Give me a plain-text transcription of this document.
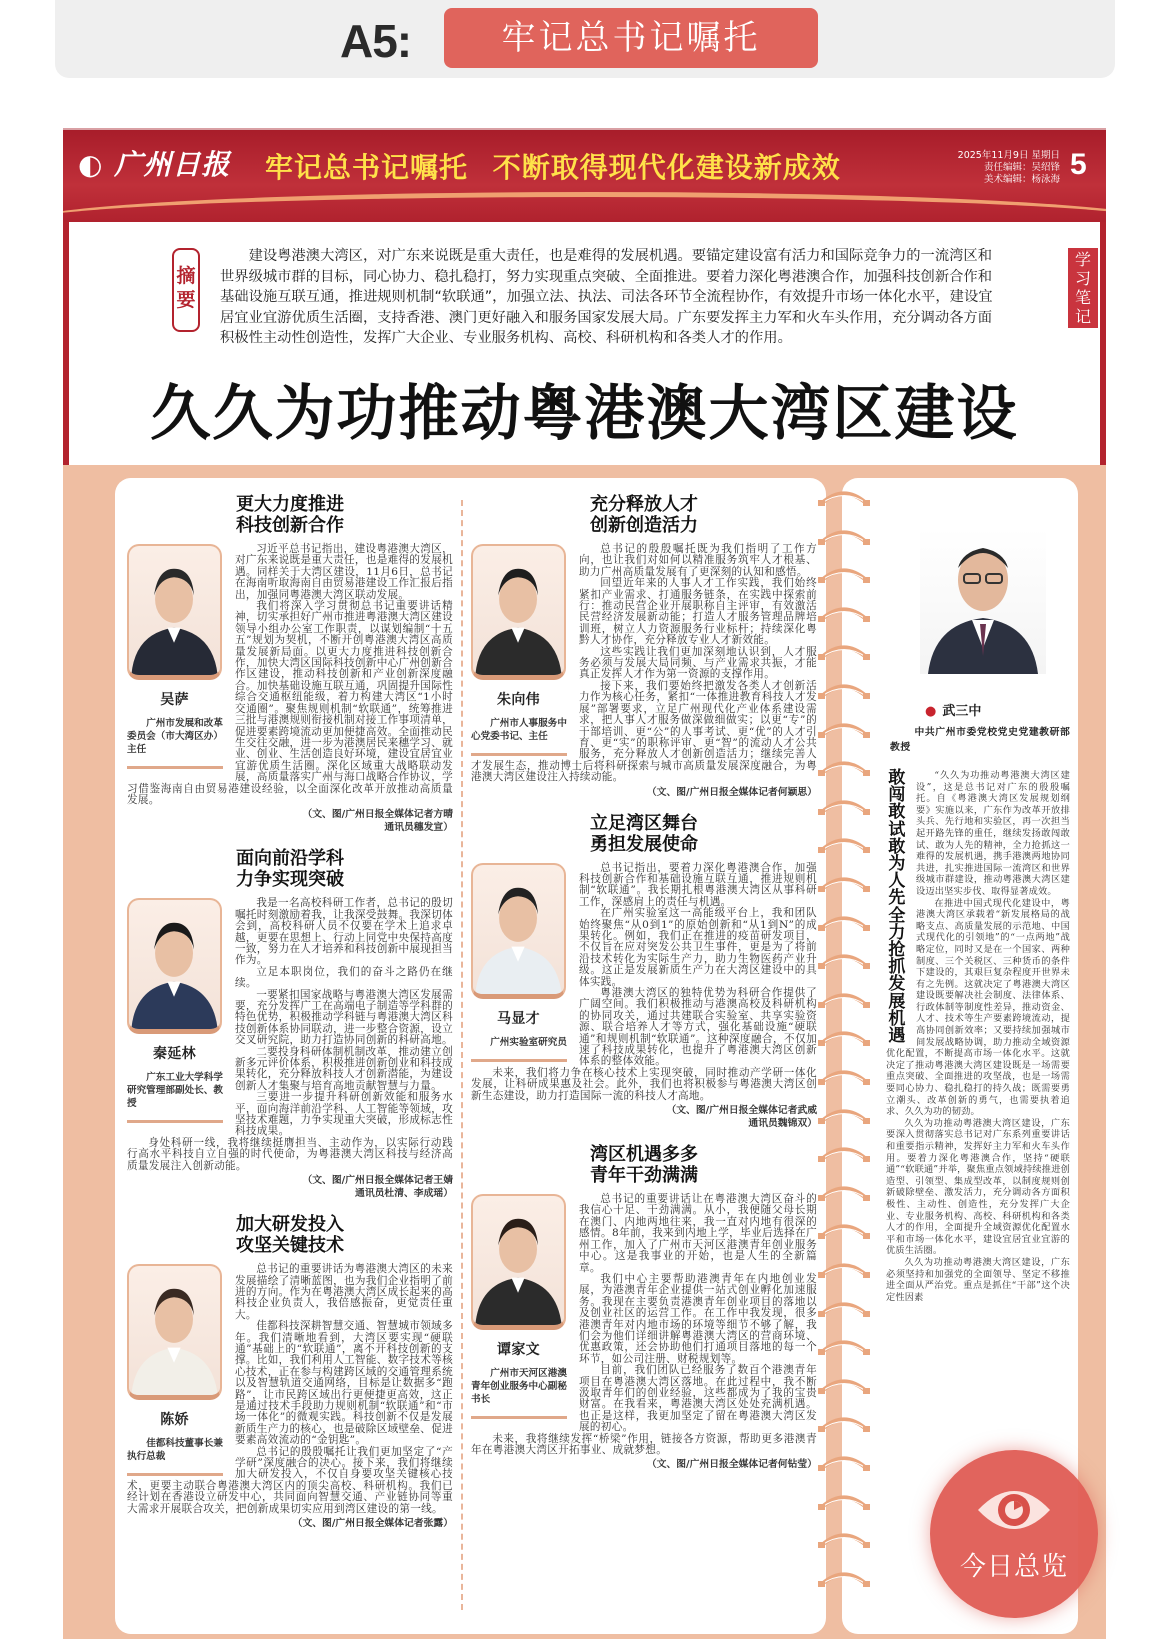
A5:	牢记总书记嘱托
◐ 广州日报 牢记总书记嘱托 不断取得现代化建设新成效	2025年11月9日 星期日
责任编辑：吴绍锋
美术编辑：杨泳海 5
摘要
建设粤港澳大湾区，对广东来说既是重大责任，也是难得的发展机遇。要锚定建设富有活力和国际竞争力的一流湾区和世界级城市群的目标，同心协力、稳扎稳打，努力实现重点突破、全面推进。要着力深化粤港澳合作，加强科技创新合作和基础设施互联互通，推进规则机制“软联通”，加强立法、执法、司法各环节全流程协作，有效提升市场一体化水平，建设宜居宜业宜游优质生活圈，支持香港、澳门更好融入和服务国家发展大局。广东要发挥主力军和火车头作用，充分调动各方面积极性主动性创造性，发挥广大企业、专业服务机构、高校、科研机构和各类人才的作用。
学习笔记
久久为功推动粤港澳大湾区建设
更大力度推进
科技创新合作
吴萨
广州市发展和改革委员会（市大湾区办）主任

习近平总书记指出，建设粤港澳大湾区，对广东来说既是重大责任，也是难得的发展机遇。同样关于大湾区建设，11月6日，总书记在海南听取海南自由贸易港建设工作汇报后指出，加强同粤港澳大湾区联动发展。

我们将深入学习贯彻总书记重要讲话精神，切实承担好广州市推进粤港澳大湾区建设领导小组办公室工作职责，以谋划编制“十五五”规划为契机，不断开创粤港澳大湾区高质量发展新局面。以更大力度推进科技创新合作，加快大湾区国际科技创新中心广州创新合作区建设，推动科技创新和产业创新深度融合。加快基础设施互联互通，巩固提升国际性综合交通枢纽能级，着力构建大湾区“1小时交通圈”。聚焦规则机制“软联通”，统筹推进三批与港澳规则衔接机制对接工作事项清单，促进要素跨境流动更加便捷高效。全面推动民生交往交融，进一步为港澳居民来穗学习、就业、创业、生活创造良好环境，建设宜居宜业宜游优质生活圈。深化区域重大战略联动发展，高质量落实广州与海口战略合作协议，学习借鉴海南自由贸易港建设经验，以全面深化改革开放推动高质量发展。

（文、图/广州日报全媒体记者方晴
通讯员穗发宣）
面向前沿学科
力争实现突破
秦延林
广东工业大学科学研究管理部副处长、教授

我是一名高校科研工作者，总书记的殷切嘱托时刻激励着我，让我深受鼓舞。我深切体会到，高校科研人员不仅要在学术上追求卓越，更要在思想上、行动上同党中央保持高度一致，努力在人才培养和科技创新中展现担当作为。

立足本职岗位，我们的奋斗之路仍在继续。

一要紧扣国家战略与粤港澳大湾区发展需要，充分发挥广工在高端电子制造等学科群的特色优势，积极推动学科链与粤港澳大湾区科技创新体系协同联动，进一步整合资源，设立交叉研究院，助力打造协同创新的科研高地。

二要投身科研体制机制改革，推动建立创新多元评价体系，积极推进创新创业和科技成果转化，充分释放科技人才创新潜能，为建设创新人才集聚与培育高地贡献智慧与力量。

三要进一步提升科研创新效能和服务水平，面向海洋前沿学科、人工智能等领域，攻坚技术难题，力争实现重大突破，形成标志性科技成果。

身处科研一线，我将继续挺膺担当、主动作为，以实际行动践行高水平科技自立自强的时代使命，为粤港澳大湾区科技与经济高质量发展注入创新动能。

（文、图/广州日报全媒体记者王婧
通讯员杜清、李成瑶）
加大研发投入
攻坚关键技术
陈娇
佳都科技董事长兼执行总裁

总书记的重要讲话为粤港澳大湾区的未来发展描绘了清晰蓝图，也为我们企业指明了前进的方向。作为在粤港澳大湾区成长起来的高科技企业负责人，我倍感振奋，更觉责任重大。

佳都科技深耕智慧交通、智慧城市领域多年。我们清晰地看到，大湾区要实现“硬联通”基础上的“软联通”，离不开科技创新的支撑。比如，我们利用人工智能、数字技术等核心技术，正在参与构建跨区域的交通管理系统以及智慧轨道交通网络，目标是让数据多“跑路”，让市民跨区域出行更便捷更高效，这正是通过技术手段助力规则机制“软联通”和“市场一体化”的微观实践。科技创新不仅是发展新质生产力的核心，也是破除区域壁垒、促进要素高效流动的“金钥匙”。

总书记的殷殷嘱托让我们更加坚定了“产学研”深度融合的决心。接下来，我们将继续加大研发投入，不仅自身要攻坚关键核心技术，更要主动联合粤港澳大湾区内的顶尖高校、科研机构。我们已经计划在香港设立研发中心，共同面向智慧交通、产业链协同等重大需求开展联合攻关，把创新成果切实应用到湾区建设的第一线。

（文、图/广州日报全媒体记者张露）
充分释放人才
创新创造活力
朱向伟
广州市人事服务中心党委书记、主任

总书记的殷殷嘱托既为我们指明了工作方向，也让我们对如何以精准服务筑牢人才根基、助力广州高质量发展有了更深刻的认知和感悟。

回望近年来的人事人才工作实践，我们始终紧扣产业需求、打通服务链条，在实践中探索前行：推动民营企业开展职称自主评审，有效激活民营经济发展新动能；打造人才服务管理品牌培训班，树立人力资源服务行业标杆；持续深化粤黔人才协作，充分释放专业人才新效能。

这些实践让我们更加深刻地认识到，人才服务必须与发展大局同频、与产业需求共振，才能真正发挥人才作为第一资源的支撑作用。

接下来，我们要始终把激发各类人才创新活力作为核心任务，紧扣“一体推进教育科技人才发展”部署要求，立足广州现代化产业体系建设需求，把人事人才服务做深做细做实；以更“专”的干部培训、更“公”的人事考试、更“优”的人才引育、更“实”的职称评审、更“智”的流动人才公共服务，充分释放人才创新创造活力；继续完善人才发展生态，推动博士后将科研探索与城市高质量发展深度融合，为粤港澳大湾区建设注入持续动能。

（文、图/广州日报全媒体记者何颖思）
立足湾区舞台
勇担发展使命
马显才
广州实验室研究员

总书记指出，要着力深化粤港澳合作，加强科技创新合作和基础设施互联互通，推进规则机制“软联通”。我长期扎根粤港澳大湾区从事科研工作，深感肩上的责任与机遇。

在广州实验室这一高能级平台上，我和团队始终聚焦“从0到1”的原始创新和“从1到N”的成果转化。例如，我们正在推进的疫苗研发项目，不仅旨在应对突发公共卫生事件，更是为了将前沿技术转化为实际生产力，助力生物医药产业升级。这正是发展新质生产力在大湾区建设中的具体实践。

粤港澳大湾区的独特优势为科研合作提供了广阔空间。我们积极推动与港澳高校及科研机构的协同攻关，通过共建联合实验室、共享实验资源、联合培养人才等方式，强化基础设施“硬联通”和规则机制“软联通”。这种深度融合，不仅加速了科技成果转化，也提升了粤港澳大湾区创新体系的整体效能。

未来，我们将力争在核心技术上实现突破，同时推动产学研一体化发展，让科研成果惠及社会。此外，我们也将积极参与粤港澳大湾区创新生态建设，助力打造国际一流的科技人才高地。

（文、图/广州日报全媒体记者武威
通讯员魏锦双）
湾区机遇多多
青年干劲满满
谭家文
广州市天河区港澳青年创业服务中心副秘书长

总书记的重要讲话让在粤港澳大湾区奋斗的我信心十足、干劲满满。从小，我便随父母长期在澳门、内地两地往来，我一直对内地有很深的感情。8年前，我来到内地上学，毕业后选择在广州工作，加入了广州市天河区港澳青年创业服务中心。这是我事业的开始，也是人生的全新篇章。

我们中心主要帮助港澳青年在内地创业发展，为港澳青年企业提供一站式创业孵化加速服务。我现在主要负责港澳青年创业项目的落地以及创业社区的运营工作。在工作中我发现，很多港澳青年对内地市场的环境等细节不够了解，我们会为他们详细讲解粤港澳大湾区的营商环境、优惠政策，还会协助他们打通项目落地的每一个环节，如公司注册、财税规划等。

目前，我们团队已经服务了数百个港澳青年项目在粤港澳大湾区落地。在此过程中，我不断汲取青年们的创业经验，这些都成为了我的宝贵财富。在我看来，粤港澳大湾区处处充满机遇。也正是这样，我更加坚定了留在粤港澳大湾区发展的初心。

未来，我将继续发挥“桥梁”作用，链接各方资源，帮助更多港澳青年在粤港澳大湾区开拓事业、成就梦想。

（文、图/广州日报全媒体记者何钻莹）
● 武三中
中共广州市委党校党史党建教研部教授
敢闯敢试　敢为人先　全力抢抓发展机遇

“久久为功推动粤港澳大湾区建设”，这是总书记对广东的殷殷嘱托。自《粤港澳大湾区发展规划纲要》实施以来，广东作为改革开放排头兵、先行地和实验区，再一次担当起开路先锋的重任，继续发扬敢闯敢试、敢为人先的精神，全力抢抓这一难得的发展机遇，携手港澳两地协同共进，扎实推进国际一流湾区和世界级城市群建设，推动粤港澳大湾区建设迈出坚实步伐、取得显著成效。

在推进中国式现代化建设中，粤港澳大湾区承载着“新发展格局的战略支点、高质量发展的示范地、中国式现代化的引领地”的“一点两地”战略定位，同时又是在一个国家、两种制度、三个关税区、三种货币的条件下建设的，其艰巨复杂程度开世界未有之先例。这就决定了粤港澳大湾区建设既要解决社会制度、法律体系、行政体制等制度性差异，推动资金、人才、技术等生产要素跨境流动，提高协同创新效率；又要持续加强城市间发展战略协调，助力推动全域资源优化配置，不断提高市场一体化水平。这就决定了推动粤港澳大湾区建设既是一场需要重点突破、全面推进的攻坚战，也是一场需要同心协力、稳扎稳打的持久战；既需要勇立潮头、改革创新的勇气，也需要执着追求、久久为功的韧劲。

久久为功推动粤港澳大湾区建设，广东要深入贯彻落实总书记对广东系列重要讲话和重要指示精神，发挥好主力军和火车头作用。要着力深化粤港澳合作，坚持“硬联通”“软联通”并举，聚焦重点领域持续推进创造型、引领型、集成型改革，以制度规则创新破除壁垒、激发活力，充分调动各方面积极性、主动性、创造性，充分发挥广大企业、专业服务机构、高校、科研机构和各类人才的作用，全面提升全域资源优化配置水平和市场一体化水平，建设宜居宜业宜游的优质生活圈。

久久为功推动粤港澳大湾区建设，广东必须坚持和加强党的全面领导、坚定不移推进全面从严治党。重点是抓住“干部”这个决定性因素

今日总览
